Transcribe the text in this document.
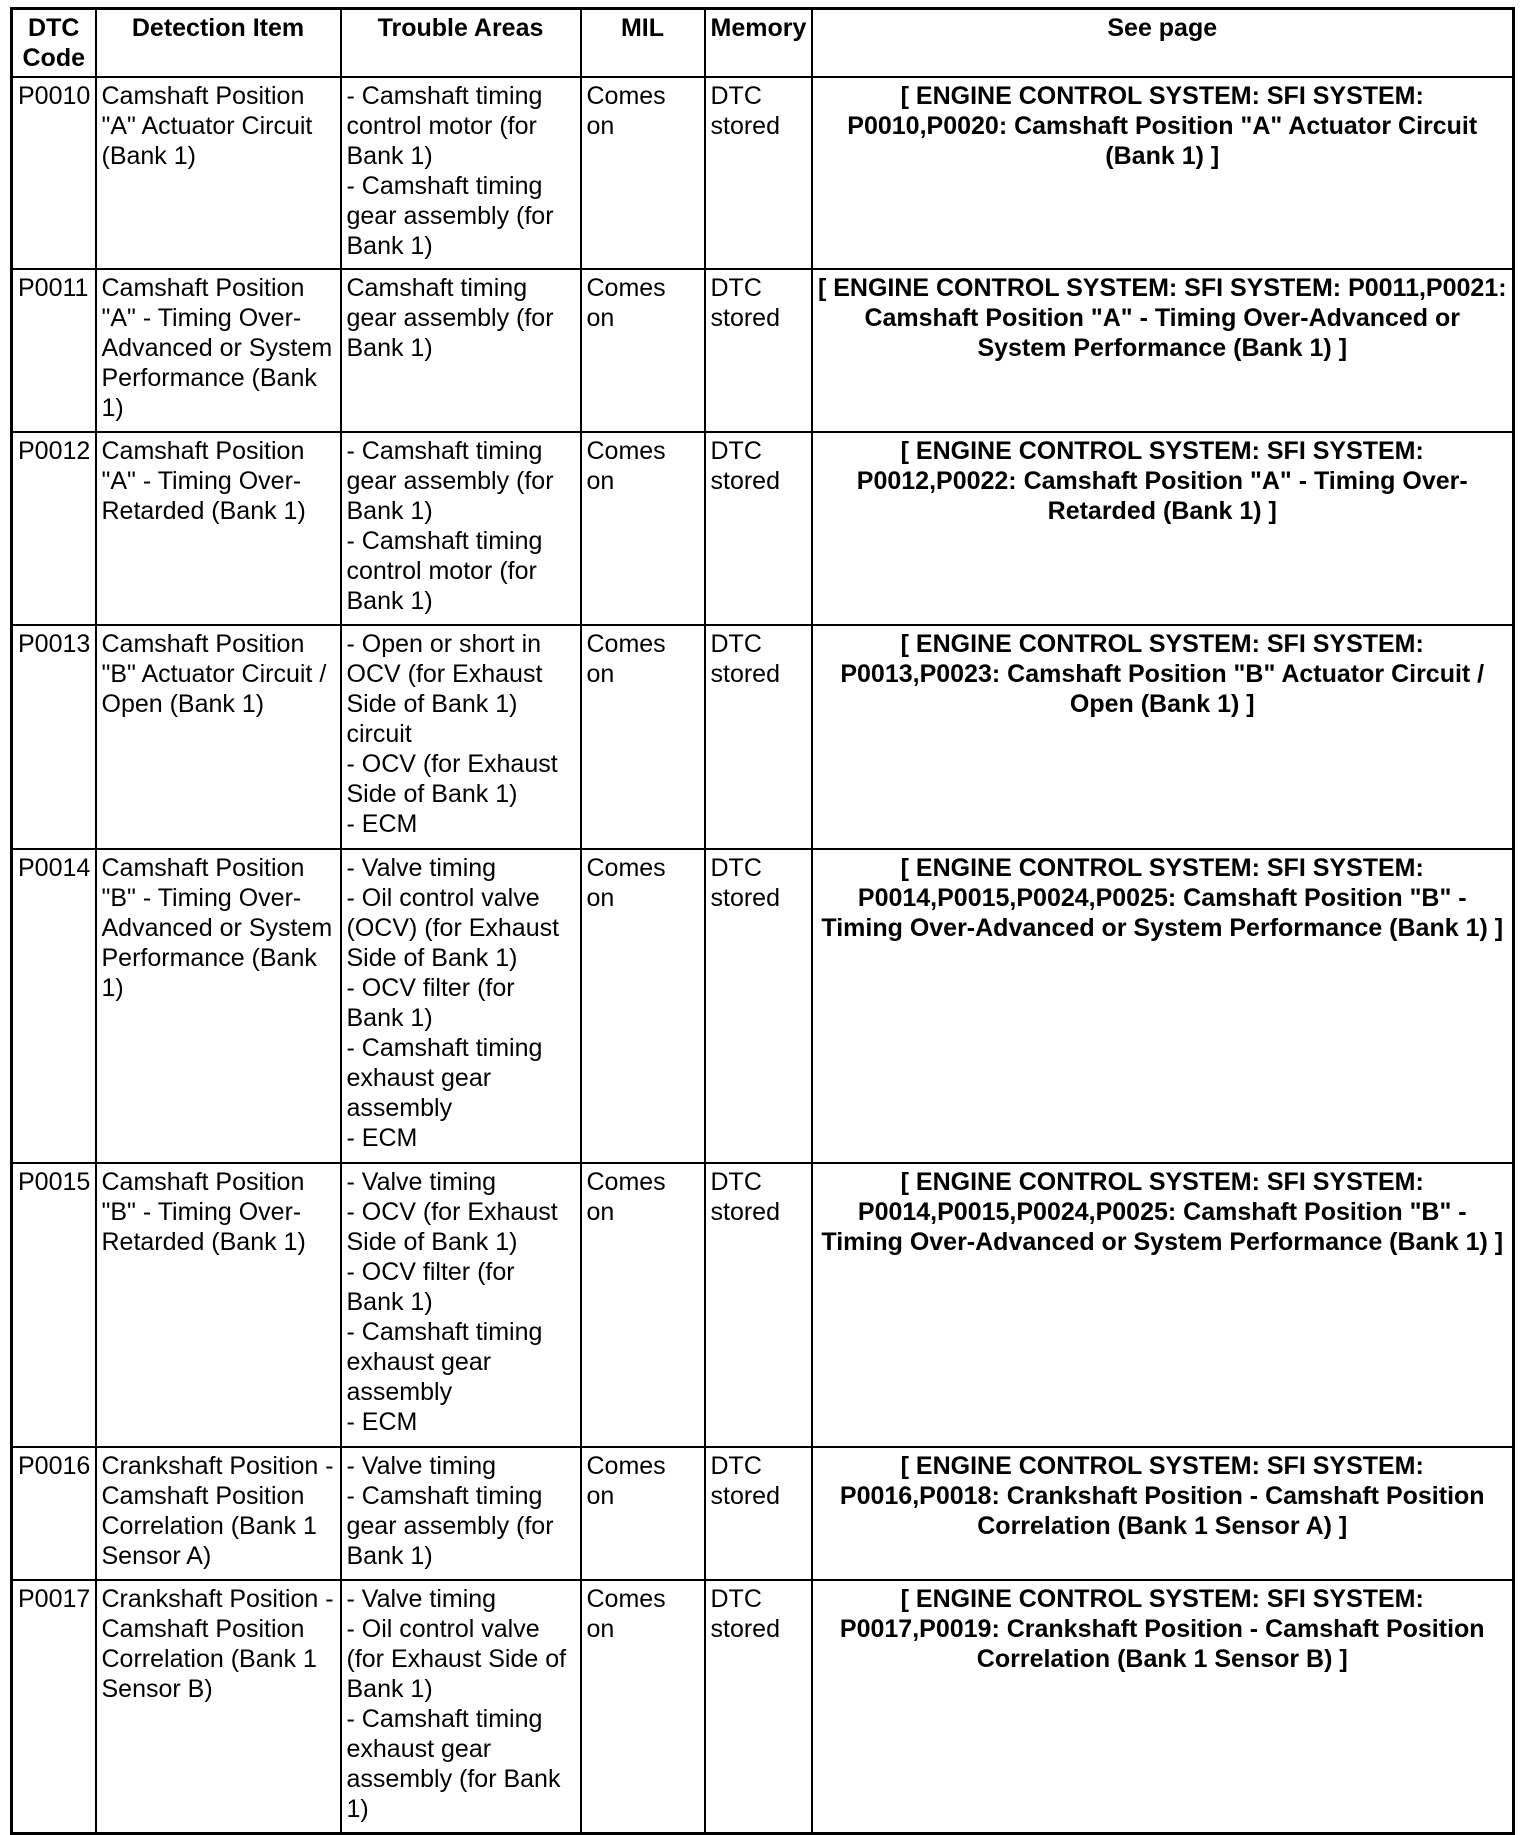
DTC
Code	Detection Item	Trouble Areas	MIL	Memory	See page
P0010	Camshaft Position "A" Actuator Circuit (Bank 1)	- Camshaft timing control motor (for Bank 1)
- Camshaft timing gear assembly (for Bank 1)	Comes on	DTC stored	[ ENGINE CONTROL SYSTEM: SFI SYSTEM: P0010,P0020: Camshaft Position "A" Actuator Circuit (Bank 1) ]
P0011	Camshaft Position "A" - Timing Over-Advanced or System Performance (Bank 1)	Camshaft timing gear assembly (for Bank 1)	Comes on	DTC stored	[ ENGINE CONTROL SYSTEM: SFI SYSTEM: P0011,P0021: Camshaft Position "A" - Timing Over-Advanced or System Performance (Bank 1) ]
P0012	Camshaft Position "A" - Timing Over-Retarded (Bank 1)	- Camshaft timing gear assembly (for Bank 1)
- Camshaft timing control motor (for Bank 1)	Comes on	DTC stored	[ ENGINE CONTROL SYSTEM: SFI SYSTEM: P0012,P0022: Camshaft Position "A" - Timing Over-Retarded (Bank 1) ]
P0013	Camshaft Position "B" Actuator Circuit / Open (Bank 1)	- Open or short in OCV (for Exhaust Side of Bank 1) circuit
- OCV (for Exhaust Side of Bank 1)
- ECM	Comes on	DTC stored	[ ENGINE CONTROL SYSTEM: SFI SYSTEM: P0013,P0023: Camshaft Position "B" Actuator Circuit / Open (Bank 1) ]
P0014	Camshaft Position "B" - Timing Over-Advanced or System Performance (Bank 1)	- Valve timing
- Oil control valve (OCV) (for Exhaust Side of Bank 1)
- OCV filter (for Bank 1)
- Camshaft timing exhaust gear assembly
- ECM	Comes on	DTC stored	[ ENGINE CONTROL SYSTEM: SFI SYSTEM: P0014,P0015,P0024,P0025: Camshaft Position "B" - Timing Over-Advanced or System Performance (Bank 1) ]
P0015	Camshaft Position "B" - Timing Over-Retarded (Bank 1)	- Valve timing
- OCV (for Exhaust Side of Bank 1)
- OCV filter (for Bank 1)
- Camshaft timing exhaust gear assembly
- ECM	Comes on	DTC stored	[ ENGINE CONTROL SYSTEM: SFI SYSTEM: P0014,P0015,P0024,P0025: Camshaft Position "B" - Timing Over-Advanced or System Performance (Bank 1) ]
P0016	Crankshaft Position - Camshaft Position Correlation (Bank 1 Sensor A)	- Valve timing
- Camshaft timing gear assembly (for Bank 1)	Comes on	DTC stored	[ ENGINE CONTROL SYSTEM: SFI SYSTEM: P0016,P0018: Crankshaft Position - Camshaft Position Correlation (Bank 1 Sensor A) ]
P0017	Crankshaft Position - Camshaft Position Correlation (Bank 1 Sensor B)	- Valve timing
- Oil control valve (for Exhaust Side of Bank 1)
- Camshaft timing exhaust gear assembly (for Bank 1)	Comes on	DTC stored	[ ENGINE CONTROL SYSTEM: SFI SYSTEM: P0017,P0019: Crankshaft Position - Camshaft Position Correlation (Bank 1 Sensor B) ]
